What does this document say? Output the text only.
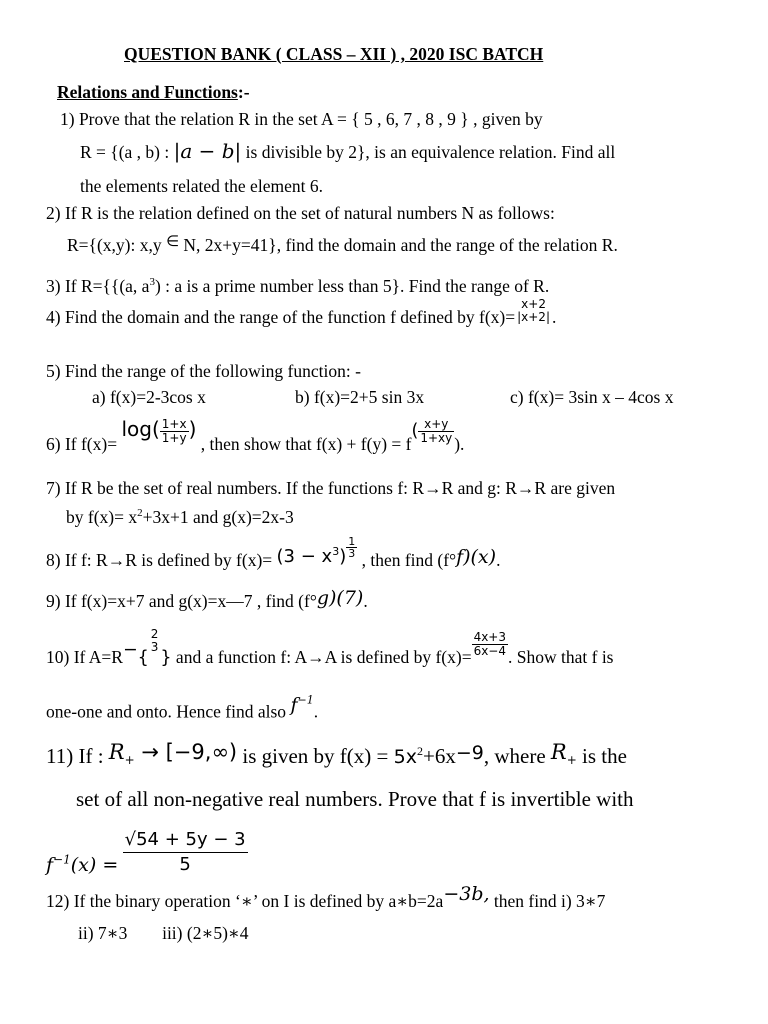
QUESTION BANK ( CLASS – XII ) , 2020 ISC BATCH
Relations and Functions:-
1) Prove that the relation R in the set A = { 5 , 6, 7 , 8 , 9 } , given by
R = {(a , b) : |a − b| is divisible by 2}, is an equivalence relation. Find all
the elements related the element 6.
2) If R is the relation defined on the set of natural numbers N as follows:
R={(x,y): x,y ∈ N, 2x+y=41}, find the domain and the range of the relation R.
3) If R={{(a, $a^3$) : a is a prime number less than 5}. Find the range of R.
4) Find the domain and the range of the function f defined by f(x)=
x+2
|x+2| .
5) Find the range of the following function: -
a) f(x)=2-3cos x	b) f(x)=2+5 sin 3x	c) f(x)= 3sin x – 4cos x
6) If $f(x)= \log( \frac{1+x}{1+y}$ ) , then show that $f(x) + f(y) = f( \frac{x+y}{1+xy}$ ).
7) If R be the set of real numbers. If the functions f: R→R and g: R→R are given
by $f(x)= x^2+3x+1$ and g(x)=2x-3
8) If f: R→R is defined by $f(x)= (3 - x^3) \frac{1}{3}$
, then find (f°f)(x).
9) If f(x)=x+7 and g(x)=x—7 , find (f°g)(7).
10) If A=R−{
2
3
} and a function f: A→A is defined by $f(x)= \frac{4x+3}{6x-4}$ . Show that f is
one-one and onto. Hence find also $f^{-1}$.
11) If : $R_+ \to [-9,\infty)$ is given by $f(x) = 5x^2+6x-9$, where $R_+$ is the
set of all non-negative real numbers. Prove that f is invertible with
$f^{-1}(x) = \frac{√54 + 5y - 3}{5}$
12) If the binary operation ‘∗’ on I is defined by a∗b=2a−3b, then find i) 3∗7
ii) 7∗3 iii) (2∗5)∗4
